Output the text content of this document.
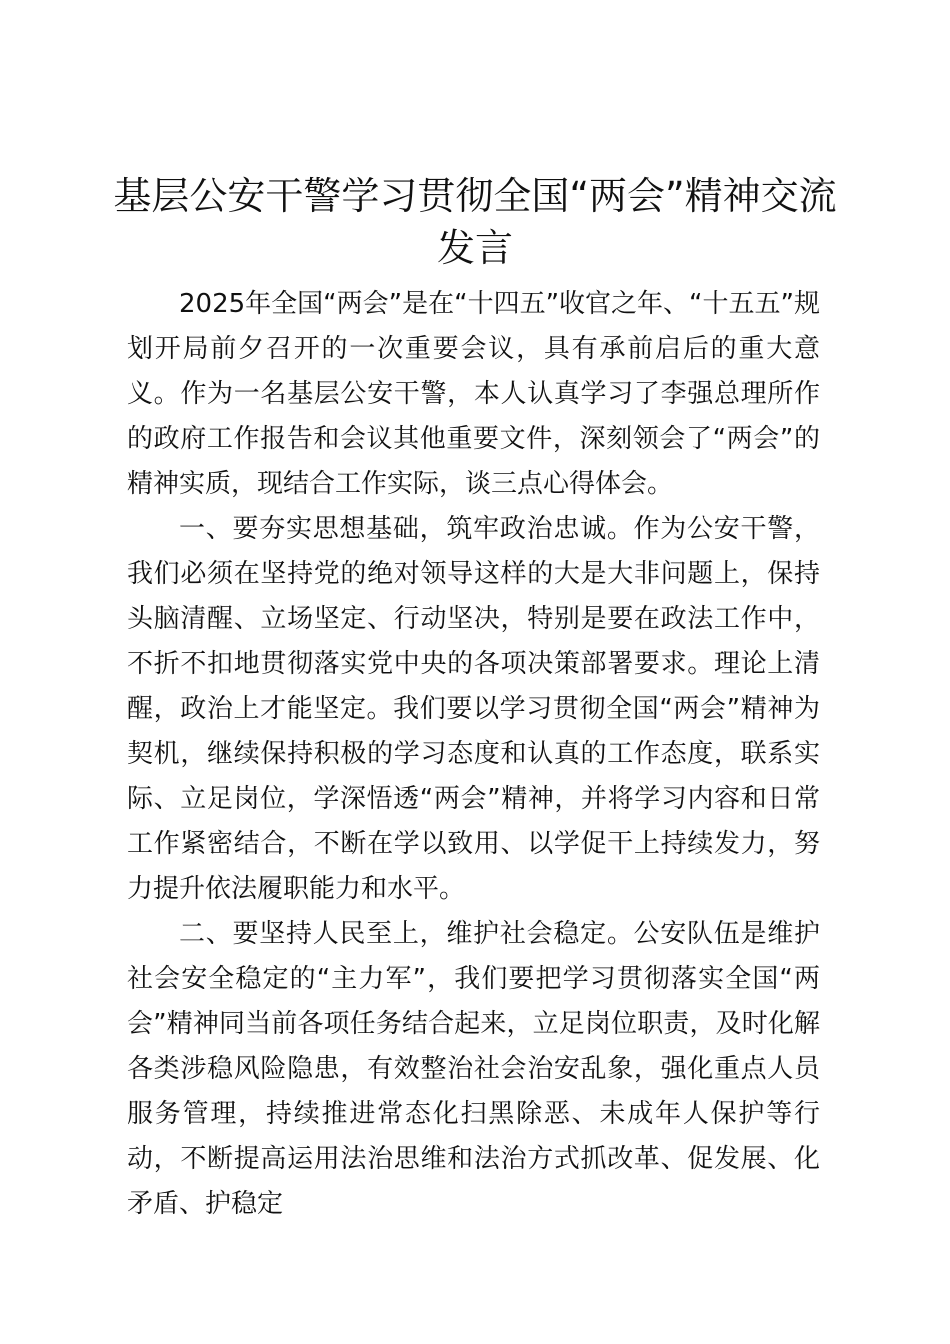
基层公安干警学习贯彻全国“两会”精神交流发言

2025年全国“两会”是在“十四五”收官之年、“十五五”规划开局前夕召开的一次重要会议，具有承前启后的重大意义。作为一名基层公安干警，本人认真学习了李强总理所作的政府工作报告和会议其他重要文件，深刻领会了“两会”的精神实质，现结合工作实际，谈三点心得体会。

一、要夯实思想基础，筑牢政治忠诚。作为公安干警，我们必须在坚持党的绝对领导这样的大是大非问题上，保持头脑清醒、立场坚定、行动坚决，特别是要在政法工作中，不折不扣地贯彻落实党中央的各项决策部署要求。理论上清醒，政治上才能坚定。我们要以学习贯彻全国“两会”精神为契机，继续保持积极的学习态度和认真的工作态度，联系实际、立足岗位，学深悟透“两会”精神，并将学习内容和日常工作紧密结合，不断在学以致用、以学促干上持续发力，努力提升依法履职能力和水平。

二、要坚持人民至上，维护社会稳定。公安队伍是维护社会安全稳定的“主力军”，我们要把学习贯彻落实全国“两会”精神同当前各项任务结合起来，立足岗位职责，及时化解各类涉稳风险隐患，有效整治社会治安乱象，强化重点人员服务管理，持续推进常态化扫黑除恶、未成年人保护等行动，不断提高运用法治思维和法治方式抓改革、促发展、化矛盾、护稳定
